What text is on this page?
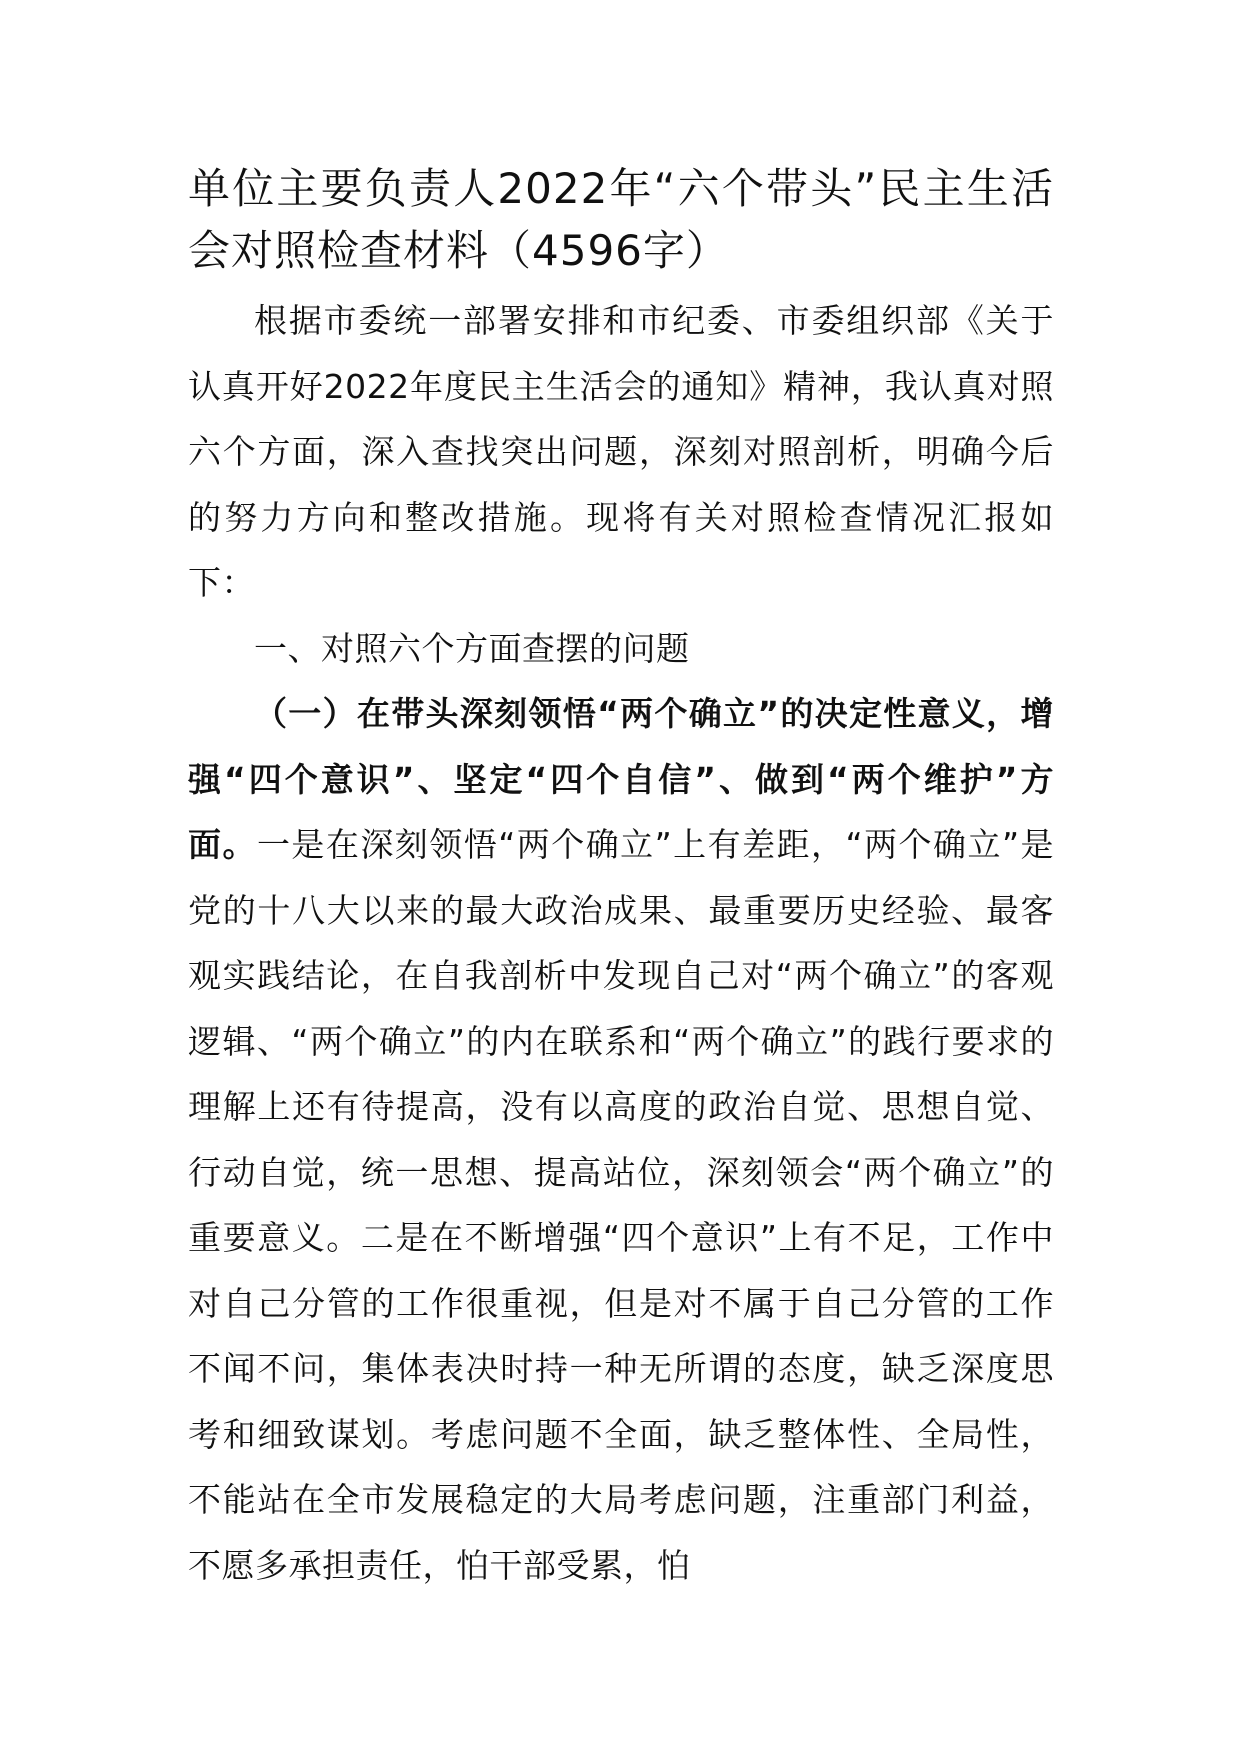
单位主要负责人2022年“六个带头”民主生活会对照检查材料（4596字）

根据市委统一部署安排和市纪委、市委组织部《关于认真开好2022年度民主生活会的通知》精神，我认真对照六个方面，深入查找突出问题，深刻对照剖析，明确今后的努力方向和整改措施。现将有关对照检查情况汇报如下：

一、对照六个方面查摆的问题

（一）在带头深刻领悟“两个确立”的决定性意义，增强“四个意识”、坚定“四个自信”、做到“两个维护”方面。一是在深刻领悟“两个确立”上有差距，“两个确立”是党的十八大以来的最大政治成果、最重要历史经验、最客观实践结论，在自我剖析中发现自己对“两个确立”的客观逻辑、“两个确立”的内在联系和“两个确立”的践行要求的理解上还有待提高，没有以高度的政治自觉、思想自觉、行动自觉，统一思想、提高站位，深刻领会“两个确立”的重要意义。二是在不断增强“四个意识”上有不足，工作中对自己分管的工作很重视，但是对不属于自己分管的工作不闻不问，集体表决时持一种无所谓的态度，缺乏深度思考和细致谋划。考虑问题不全面，缺乏整体性、全局性，不能站在全市发展稳定的大局考虑问题，注重部门利益，不愿多承担责任，怕干部受累，怕
